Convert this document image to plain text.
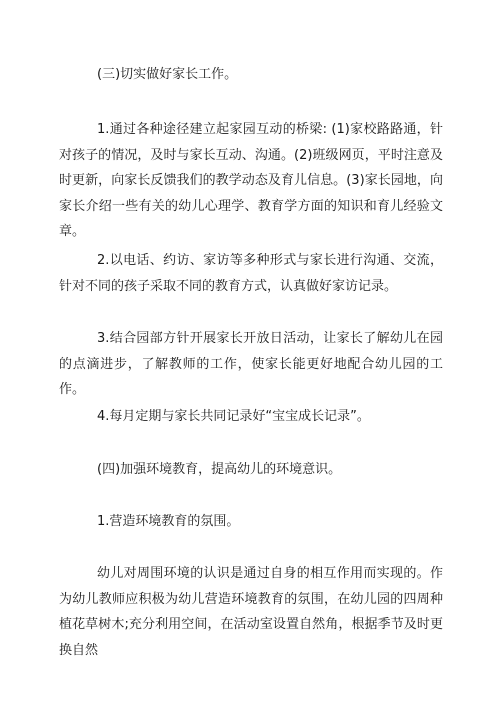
(三)切实做好家长工作。

1.通过各种途径建立起家园互动的桥梁: (1)家校路路通，针对孩子的情况，及时与家长互动、沟通。(2)班级网页，平时注意及时更新，向家长反馈我们的教学动态及育儿信息。(3)家长园地，向家长介绍一些有关的幼儿心理学、教育学方面的知识和育儿经验文章。

2.以电话、约访、家访等多种形式与家长进行沟通、交流，针对不同的孩子采取不同的教育方式，认真做好家访记录。

3.结合园部方针开展家长开放日活动，让家长了解幼儿在园的点滴进步，了解教师的工作，使家长能更好地配合幼儿园的工作。

4.每月定期与家长共同记录好“宝宝成长记录”。

(四)加强环境教育，提高幼儿的环境意识。

1.营造环境教育的氛围。

幼儿对周围环境的认识是通过自身的相互作用而实现的。作为幼儿教师应积极为幼儿营造环境教育的氛围，在幼儿园的四周种植花草树木;充分利用空间，在活动室设置自然角，根据季节及时更换自然
